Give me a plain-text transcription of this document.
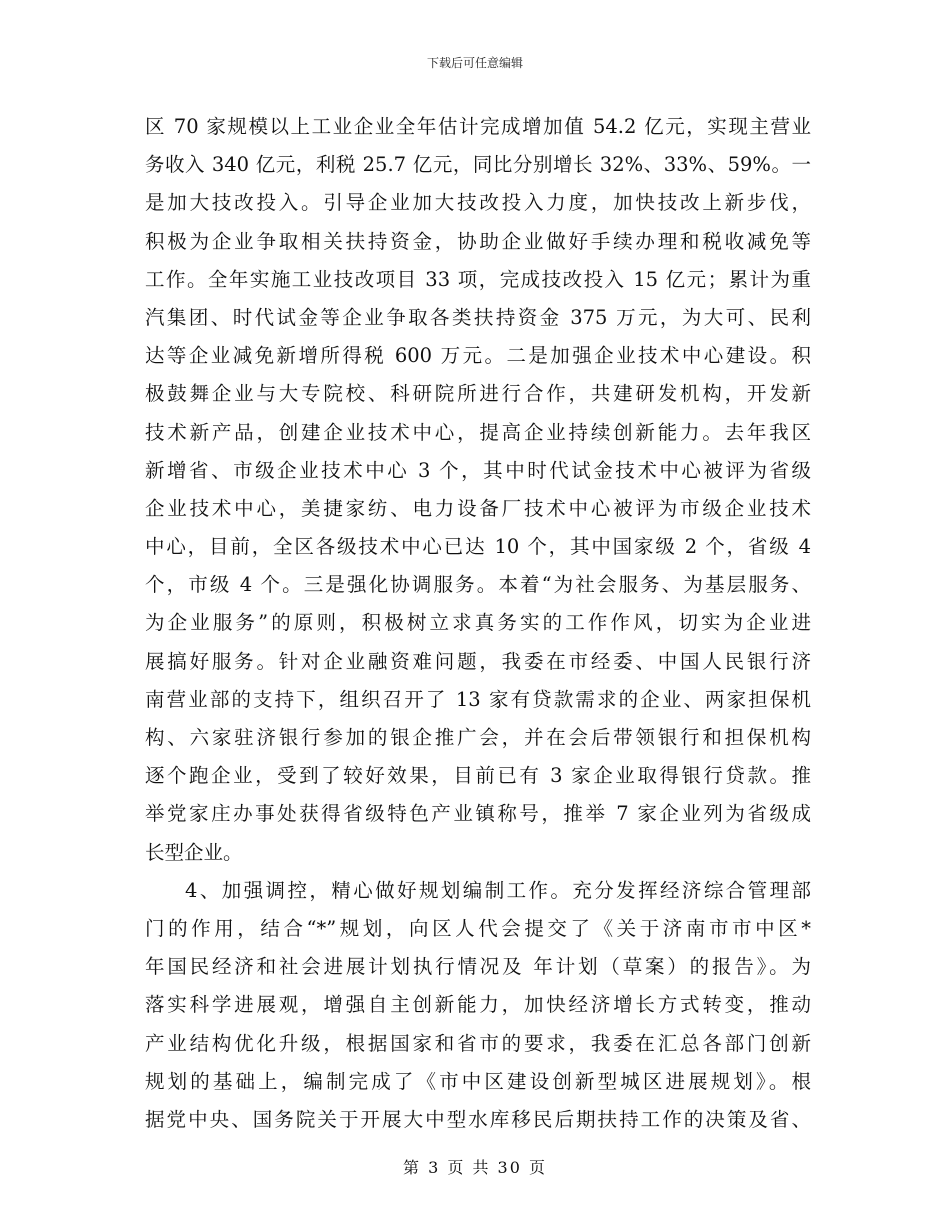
下载后可任意编辑
区 70 家规模以上工业企业全年估计完成增加值 54.2 亿元，实现主营业
务收入 340 亿元，利税 25.7 亿元，同比分别增长 32%、33%、59%。一
是加大技改投入。引导企业加大技改投入力度，加快技改上新步伐，
积极为企业争取相关扶持资金，协助企业做好手续办理和税收减免等
工作。全年实施工业技改项目 33 项，完成技改投入 15 亿元；累计为重
汽集团、时代试金等企业争取各类扶持资金 375 万元，为大可、民利
达等企业减免新增所得税 600 万元。二是加强企业技术中心建设。积
极鼓舞企业与大专院校、科研院所进行合作，共建研发机构，开发新
技术新产品，创建企业技术中心，提高企业持续创新能力。去年我区
新增省、市级企业技术中心 3 个，其中时代试金技术中心被评为省级
企业技术中心，美捷家纺、电力设备厂技术中心被评为市级企业技术
中心，目前，全区各级技术中心已达 10 个，其中国家级 2 个，省级 4
个，市级 4 个。三是强化协调服务。本着“为社会服务、为基层服务、
为企业服务”的原则，积极树立求真务实的工作作风，切实为企业进
展搞好服务。针对企业融资难问题，我委在市经委、中国人民银行济
南营业部的支持下，组织召开了 13 家有贷款需求的企业、两家担保机
构、六家驻济银行参加的银企推广会，并在会后带领银行和担保机构
逐个跑企业，受到了较好效果，目前已有 3 家企业取得银行贷款。推
举党家庄办事处获得省级特色产业镇称号，推举 7 家企业列为省级成
长型企业。
4、加强调控，精心做好规划编制工作。充分发挥经济综合管理部
门的作用，结合“*”规划，向区人代会提交了《关于济南市市中区*
年国民经济和社会进展计划执行情况及 年计划（草案）的报告》。为
落实科学进展观，增强自主创新能力，加快经济增长方式转变，推动
产业结构优化升级，根据国家和省市的要求，我委在汇总各部门创新
规划的基础上，编制完成了《市中区建设创新型城区进展规划》。根
据党中央、国务院关于开展大中型水库移民后期扶持工作的决策及省、
第 3 页 共 30 页
